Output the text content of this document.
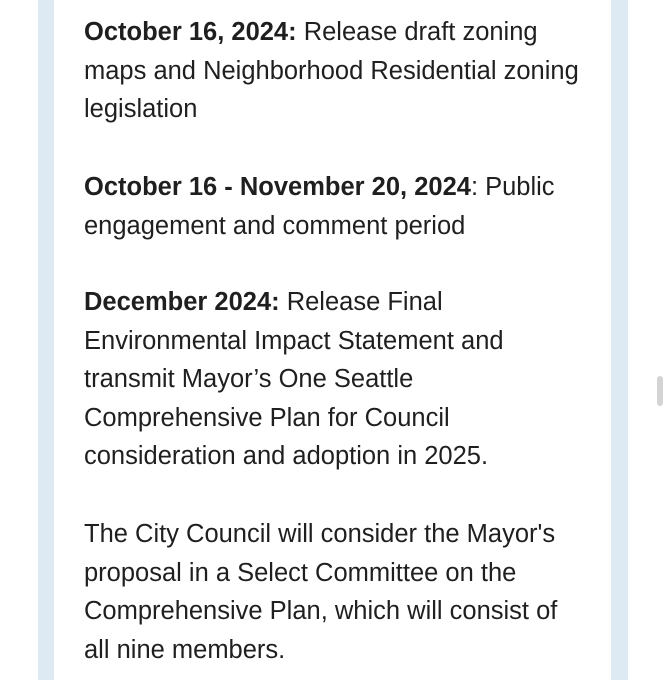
October 16, 2024: Release draft zoning maps and Neighborhood Residential zoning legislation

October 16 - November 20, 2024: Public engagement and comment period

December 2024: Release Final Environmental Impact Statement and transmit Mayor’s One Seattle Comprehensive Plan for Council consideration and adoption in 2025.

The City Council will consider the Mayor's proposal in a Select Committee on the Comprehensive Plan, which will consist of all nine members.
